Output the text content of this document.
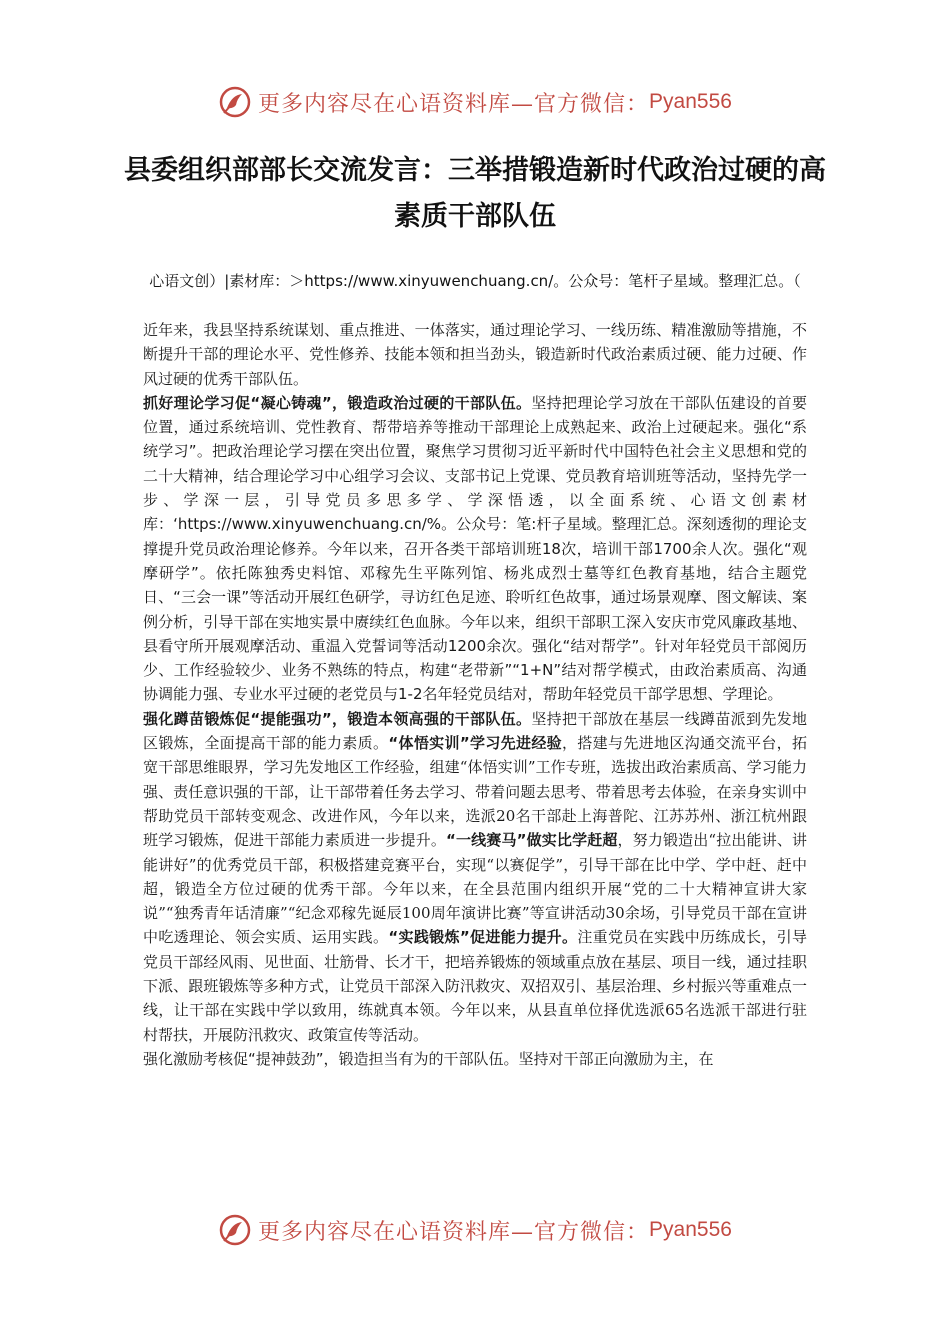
更多内容尽在心语资料库—官方微信： Pyan556
县委组织部部长交流发言：三举措锻造新时代政治过硬的高素质干部队伍

心语文创）|素材库：＞https://www.xinyuwenchuang.cn/。公众号：笔杆子星域。整理汇总。（

近年来，我县坚持系统谋划、重点推进、一体落实，通过理论学习、一线历练、精准激励等措施，不断提升干部的理论水平、党性修养、技能本领和担当劲头，锻造新时代政治素质过硬、能力过硬、作风过硬的优秀干部队伍。

抓好理论学习促“凝心铸魂”，锻造政治过硬的干部队伍。坚持把理论学习放在干部队伍建设的首要位置，通过系统培训、党性教育、帮带培养等推动干部理论上成熟起来、政治上过硬起来。强化“系统学习”。把政治理论学习摆在突出位置，聚焦学习贯彻习近平新时代中国特色社会主义思想和党的二十大精神，结合理论学习中心组学习会议、支部书记上党课、党员教育培训班等活动，坚持先学一步、学深一层，引导党员多思多学、学深悟透，以全面系统、心语文创素材库：‘https://www.xinyuwenchuang.cn/%。公众号：笔:杆子星域。整理汇总。深刻透彻的理论支撑提升党员政治理论修养。今年以来，召开各类干部培训班18次，培训干部1700余人次。强化“观摩研学”。依托陈独秀史料馆、邓稼先生平陈列馆、杨兆成烈士墓等红色教育基地，结合主题党日、“三会一课”等活动开展红色研学，寻访红色足迹、聆听红色故事，通过场景观摩、图文解读、案例分析，引导干部在实地实景中赓续红色血脉。今年以来，组织干部职工深入安庆市党风廉政基地、县看守所开展观摩活动、重温入党誓词等活动1200余次。强化“结对帮学”。针对年轻党员干部阅历少、工作经验较少、业务不熟练的特点，构建“老带新”“1+N”结对帮学模式，由政治素质高、沟通协调能力强、专业水平过硬的老党员与1-2名年轻党员结对，帮助年轻党员干部学思想、学理论。

强化蹲苗锻炼促“提能强功”，锻造本领高强的干部队伍。坚持把干部放在基层一线蹲苗派到先发地区锻炼，全面提高干部的能力素质。“体悟实训”学习先进经验，搭建与先进地区沟通交流平台，拓宽干部思维眼界，学习先发地区工作经验，组建“体悟实训”工作专班，选拔出政治素质高、学习能力强、责任意识强的干部，让干部带着任务去学习、带着问题去思考、带着思考去体验，在亲身实训中帮助党员干部转变观念、改进作风，今年以来，选派20名干部赴上海普陀、江苏苏州、浙江杭州跟班学习锻炼，促进干部能力素质进一步提升。“一线赛马”做实比学赶超，努力锻造出“拉出能讲、讲能讲好”的优秀党员干部，积极搭建竞赛平台，实现“以赛促学”，引导干部在比中学、学中赶、赶中超，锻造全方位过硬的优秀干部。今年以来，在全县范围内组织开展“党的二十大精神宣讲大家说”“独秀青年话清廉”“纪念邓稼先诞辰100周年演讲比赛”等宣讲活动30余场，引导党员干部在宣讲中吃透理论、领会实质、运用实践。“实践锻炼”促进能力提升。注重党员在实践中历练成长，引导党员干部经风雨、见世面、壮筋骨、长才干，把培养锻炼的领域重点放在基层、项目一线，通过挂职下派、跟班锻炼等多种方式，让党员干部深入防汛救灾、双招双引、基层治理、乡村振兴等重难点一线，让干部在实践中学以致用，练就真本领。今年以来，从县直单位择优选派65名选派干部进行驻村帮扶，开展防汛救灾、政策宣传等活动。

强化激励考核促“提神鼓劲”，锻造担当有为的干部队伍。坚持对干部正向激励为主，在

更多内容尽在心语资料库—官方微信： Pyan556
